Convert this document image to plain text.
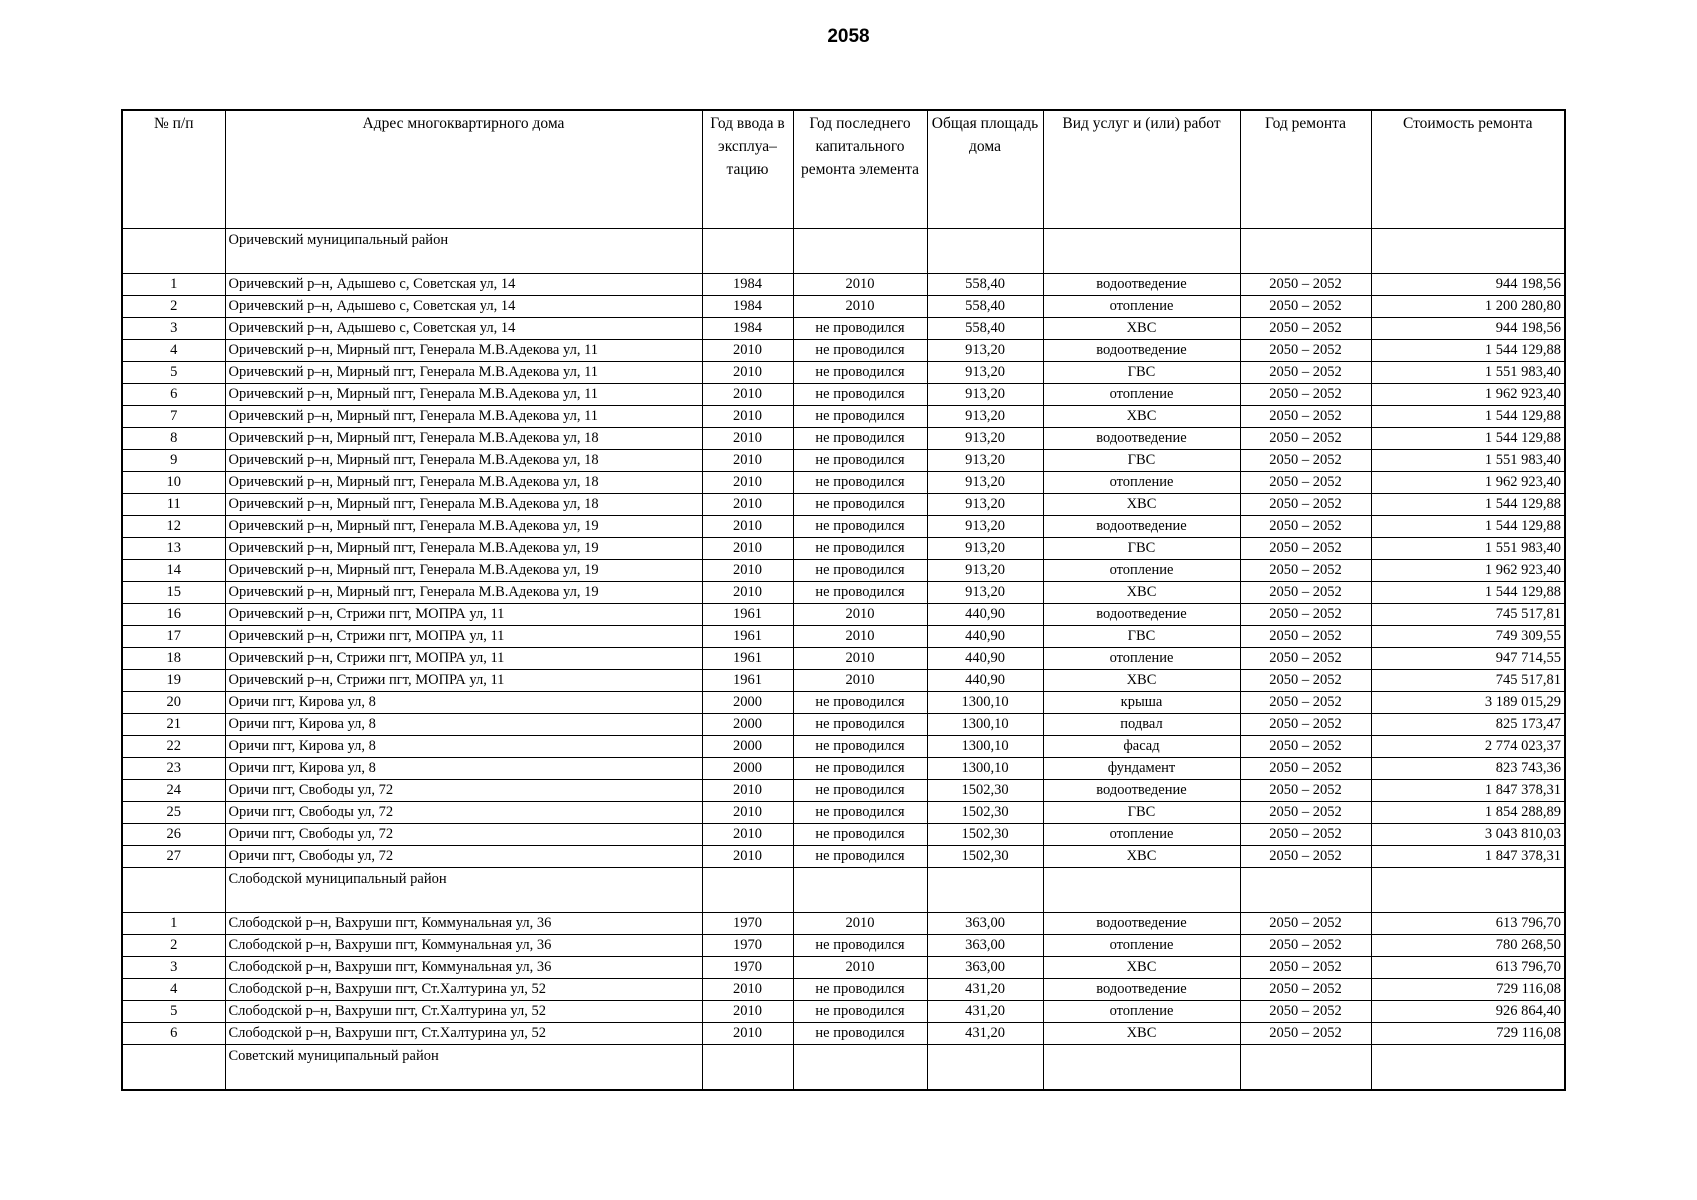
2058
№ п/п	Адрес многоквартирного дома	Год ввода в эксплуа–тацию	Год последнего капитального ремонта элемента	Общая площадь дома	Вид услуг и (или) работ	Год ремонта	Стоимость ремонта
	Оричевский муниципальный район						
1	Оричевский р–н, Адышево с, Советская ул, 14	1984	2010	558,40	водоотведение	2050 – 2052	944 198,56
2	Оричевский р–н, Адышево с, Советская ул, 14	1984	2010	558,40	отопление	2050 – 2052	1 200 280,80
3	Оричевский р–н, Адышево с, Советская ул, 14	1984	не проводился	558,40	ХВС	2050 – 2052	944 198,56
4	Оричевский р–н, Мирный пгт, Генерала М.В.Адекова ул, 11	2010	не проводился	913,20	водоотведение	2050 – 2052	1 544 129,88
5	Оричевский р–н, Мирный пгт, Генерала М.В.Адекова ул, 11	2010	не проводился	913,20	ГВС	2050 – 2052	1 551 983,40
6	Оричевский р–н, Мирный пгт, Генерала М.В.Адекова ул, 11	2010	не проводился	913,20	отопление	2050 – 2052	1 962 923,40
7	Оричевский р–н, Мирный пгт, Генерала М.В.Адекова ул, 11	2010	не проводился	913,20	ХВС	2050 – 2052	1 544 129,88
8	Оричевский р–н, Мирный пгт, Генерала М.В.Адекова ул, 18	2010	не проводился	913,20	водоотведение	2050 – 2052	1 544 129,88
9	Оричевский р–н, Мирный пгт, Генерала М.В.Адекова ул, 18	2010	не проводился	913,20	ГВС	2050 – 2052	1 551 983,40
10	Оричевский р–н, Мирный пгт, Генерала М.В.Адекова ул, 18	2010	не проводился	913,20	отопление	2050 – 2052	1 962 923,40
11	Оричевский р–н, Мирный пгт, Генерала М.В.Адекова ул, 18	2010	не проводился	913,20	ХВС	2050 – 2052	1 544 129,88
12	Оричевский р–н, Мирный пгт, Генерала М.В.Адекова ул, 19	2010	не проводился	913,20	водоотведение	2050 – 2052	1 544 129,88
13	Оричевский р–н, Мирный пгт, Генерала М.В.Адекова ул, 19	2010	не проводился	913,20	ГВС	2050 – 2052	1 551 983,40
14	Оричевский р–н, Мирный пгт, Генерала М.В.Адекова ул, 19	2010	не проводился	913,20	отопление	2050 – 2052	1 962 923,40
15	Оричевский р–н, Мирный пгт, Генерала М.В.Адекова ул, 19	2010	не проводился	913,20	ХВС	2050 – 2052	1 544 129,88
16	Оричевский р–н, Стрижи пгт, МОПРА ул, 11	1961	2010	440,90	водоотведение	2050 – 2052	745 517,81
17	Оричевский р–н, Стрижи пгт, МОПРА ул, 11	1961	2010	440,90	ГВС	2050 – 2052	749 309,55
18	Оричевский р–н, Стрижи пгт, МОПРА ул, 11	1961	2010	440,90	отопление	2050 – 2052	947 714,55
19	Оричевский р–н, Стрижи пгт, МОПРА ул, 11	1961	2010	440,90	ХВС	2050 – 2052	745 517,81
20	Оричи пгт, Кирова ул, 8	2000	не проводился	1300,10	крыша	2050 – 2052	3 189 015,29
21	Оричи пгт, Кирова ул, 8	2000	не проводился	1300,10	подвал	2050 – 2052	825 173,47
22	Оричи пгт, Кирова ул, 8	2000	не проводился	1300,10	фасад	2050 – 2052	2 774 023,37
23	Оричи пгт, Кирова ул, 8	2000	не проводился	1300,10	фундамент	2050 – 2052	823 743,36
24	Оричи пгт, Свободы ул, 72	2010	не проводился	1502,30	водоотведение	2050 – 2052	1 847 378,31
25	Оричи пгт, Свободы ул, 72	2010	не проводился	1502,30	ГВС	2050 – 2052	1 854 288,89
26	Оричи пгт, Свободы ул, 72	2010	не проводился	1502,30	отопление	2050 – 2052	3 043 810,03
27	Оричи пгт, Свободы ул, 72	2010	не проводился	1502,30	ХВС	2050 – 2052	1 847 378,31
	Слободской муниципальный район						
1	Слободской р–н, Вахруши пгт, Коммунальная ул, 36	1970	2010	363,00	водоотведение	2050 – 2052	613 796,70
2	Слободской р–н, Вахруши пгт, Коммунальная ул, 36	1970	не проводился	363,00	отопление	2050 – 2052	780 268,50
3	Слободской р–н, Вахруши пгт, Коммунальная ул, 36	1970	2010	363,00	ХВС	2050 – 2052	613 796,70
4	Слободской р–н, Вахруши пгт, Ст.Халтурина ул, 52	2010	не проводился	431,20	водоотведение	2050 – 2052	729 116,08
5	Слободской р–н, Вахруши пгт, Ст.Халтурина ул, 52	2010	не проводился	431,20	отопление	2050 – 2052	926 864,40
6	Слободской р–н, Вахруши пгт, Ст.Халтурина ул, 52	2010	не проводился	431,20	ХВС	2050 – 2052	729 116,08
	Советский муниципальный район						
